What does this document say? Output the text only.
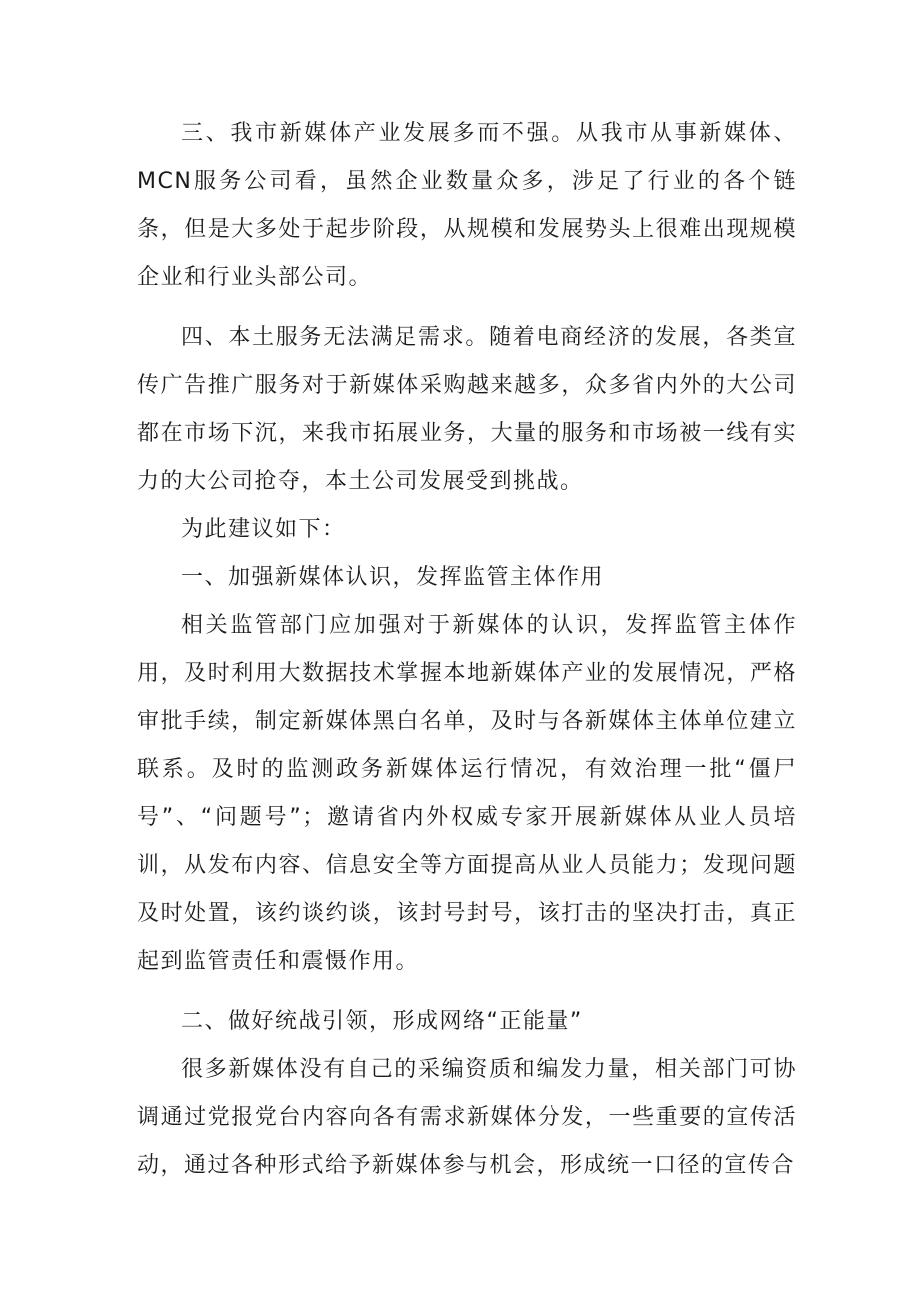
三、我市新媒体产业发展多而不强。从我市从事新媒体、MCN服务公司看，虽然企业数量众多，涉足了行业的各个链条，但是大多处于起步阶段，从规模和发展势头上很难出现规模企业和行业头部公司。

四、本土服务无法满足需求。随着电商经济的发展，各类宣传广告推广服务对于新媒体采购越来越多，众多省内外的大公司都在市场下沉，来我市拓展业务，大量的服务和市场被一线有实力的大公司抢夺，本土公司发展受到挑战。

为此建议如下：

一、加强新媒体认识，发挥监管主体作用

相关监管部门应加强对于新媒体的认识，发挥监管主体作用，及时利用大数据技术掌握本地新媒体产业的发展情况，严格审批手续，制定新媒体黑白名单，及时与各新媒体主体单位建立联系。及时的监测政务新媒体运行情况，有效治理一批“僵尸号”、“问题号”；邀请省内外权威专家开展新媒体从业人员培训，从发布内容、信息安全等方面提高从业人员能力；发现问题及时处置，该约谈约谈，该封号封号，该打击的坚决打击，真正起到监管责任和震慑作用。

二、做好统战引领，形成网络“正能量”

很多新媒体没有自己的采编资质和编发力量，相关部门可协调通过党报党台内容向各有需求新媒体分发，一些重要的宣传活动，通过各种形式给予新媒体参与机会，形成统一口径的宣传合
